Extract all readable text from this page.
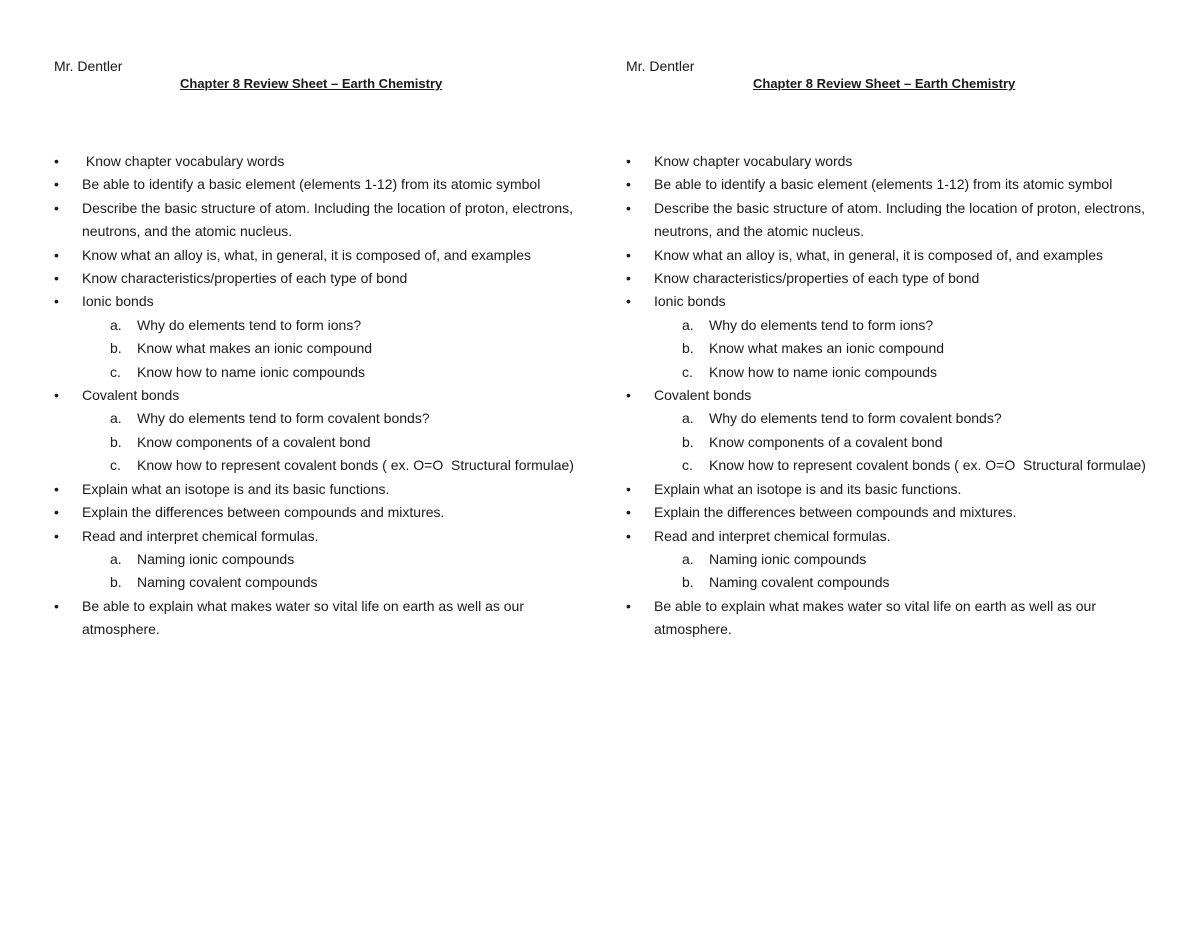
Mr. Dentler
Chapter 8 Review Sheet – Earth Chemistry
•  Know chapter vocabulary words
• Be able to identify a basic element (elements 1-12) from its atomic symbol
• Describe the basic structure of atom. Including the location of proton, electrons, neutrons, and the atomic nucleus.
• Know what an alloy is, what, in general, it is composed of, and examples
• Know characteristics/properties of each type of bond
• Ionic bonds
a. Why do elements tend to form ions?
b. Know what makes an ionic compound
c. Know how to name ionic compounds
• Covalent bonds
a. Why do elements tend to form covalent bonds?
b. Know components of a covalent bond
c. Know how to represent covalent bonds ( ex. O=O  Structural formulae)
• Explain what an isotope is and its basic functions.
• Explain the differences between compounds and mixtures.
• Read and interpret chemical formulas.
a. Naming ionic compounds
b. Naming covalent compounds
• Be able to explain what makes water so vital life on earth as well as our atmosphere.
Mr. Dentler
Chapter 8 Review Sheet – Earth Chemistry
• Know chapter vocabulary words
• Be able to identify a basic element (elements 1-12) from its atomic symbol
• Describe the basic structure of atom. Including the location of proton, electrons, neutrons, and the atomic nucleus.
• Know what an alloy is, what, in general, it is composed of, and examples
• Know characteristics/properties of each type of bond
• Ionic bonds
a. Why do elements tend to form ions?
b. Know what makes an ionic compound
c. Know how to name ionic compounds
• Covalent bonds
a. Why do elements tend to form covalent bonds?
b. Know components of a covalent bond
c. Know how to represent covalent bonds ( ex. O=O  Structural formulae)
• Explain what an isotope is and its basic functions.
• Explain the differences between compounds and mixtures.
• Read and interpret chemical formulas.
a. Naming ionic compounds
b. Naming covalent compounds
• Be able to explain what makes water so vital life on earth as well as our atmosphere.
